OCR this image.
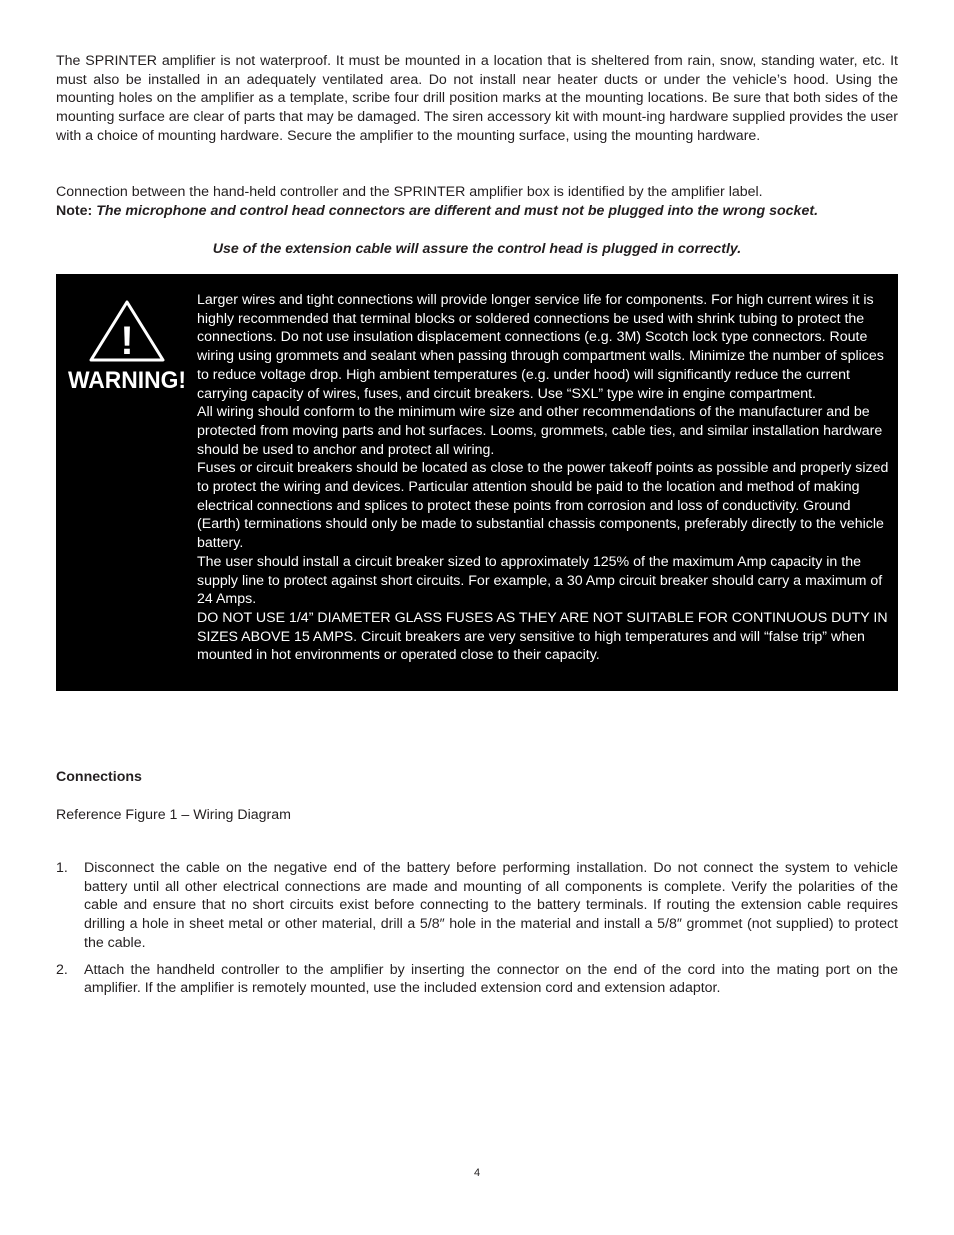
The SPRINTER amplifier is not waterproof. It must be mounted in a location that is sheltered from rain, snow, standing water, etc. It must also be installed in an adequately ventilated area. Do not install near heater ducts or under the vehicle’s hood. Using the mounting holes on the amplifier as a template, scribe four drill position marks at the mounting locations. Be sure that both sides of the mounting surface are clear of parts that may be damaged. The siren accessory kit with mount-ing hardware supplied provides the user with a choice of mounting hardware. Secure the amplifier to the mounting surface, using the mounting hardware.

Connection between the hand-held controller and the SPRINTER amplifier box is identified by the amplifier label.

Note: The microphone and control head connectors are different and must not be plugged into the wrong socket.

Use of the extension cable will assure the control head is plugged in correctly.

!
WARNING!

Larger wires and tight connections will provide longer service life for components. For high current wires it is highly recommended that terminal blocks or soldered connections be used with shrink tubing to protect the connections. Do not use insulation displacement connections (e.g. 3M) Scotch lock type connectors. Route wiring using grommets and sealant when passing through compartment walls. Minimize the number of splices to reduce voltage drop. High ambient temperatures (e.g. under hood) will significantly reduce the current carrying capacity of wires, fuses, and circuit breakers. Use “SXL” type wire in engine compartment.

All wiring should conform to the minimum wire size and other recommendations of the manufacturer and be protected from moving parts and hot surfaces. Looms, grommets, cable ties, and similar installation hardware should be used to anchor and protect all wiring.

Fuses or circuit breakers should be located as close to the power takeoff points as possible and properly sized to protect the wiring and devices. Particular attention should be paid to the location and method of making electrical connections and splices to protect these points from corrosion and loss of conductivity. Ground (Earth) terminations should only be made to substantial chassis components, preferably directly to the vehicle battery.

The user should install a circuit breaker sized to approximately 125% of the maximum Amp capacity in the supply line to protect against short circuits. For example, a 30 Amp circuit breaker should carry a maximum of 24 Amps.

DO NOT USE 1/4” DIAMETER GLASS FUSES AS THEY ARE NOT SUITABLE FOR CONTINUOUS DUTY IN SIZES ABOVE 15 AMPS. Circuit breakers are very sensitive to high temperatures and will “false trip” when mounted in hot environments or operated close to their capacity.

Connections

Reference Figure 1 – Wiring Diagram

1. Disconnect the cable on the negative end of the battery before performing installation. Do not connect the system to vehicle battery until all other electrical connections are made and mounting of all components is complete. Verify the polarities of the cable and ensure that no short circuits exist before connecting to the battery terminals. If routing the extension cable requires drilling a hole in sheet metal or other material, drill a 5/8″ hole in the material and install a 5/8″ grommet (not supplied) to protect the cable.
2. Attach the handheld controller to the amplifier by inserting the connector on the end of the cord into the mating port on the amplifier. If the amplifier is remotely mounted, use the included extension cord and extension adaptor.
4
